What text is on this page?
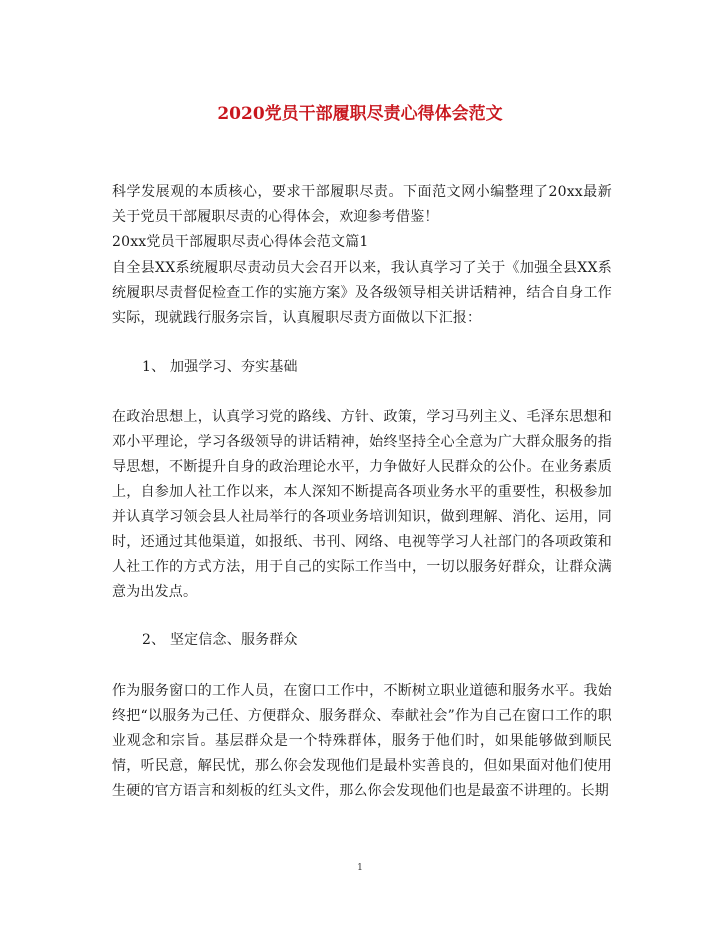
2020党员干部履职尽责心得体会范文

科学发展观的本质核心，要求干部履职尽责。下面范文网小编整理了20xx最新关于党员干部履职尽责的心得体会，欢迎参考借鉴！

20xx党员干部履职尽责心得体会范文篇1

自全县XX系统履职尽责动员大会召开以来，我认真学习了关于《加强全县XX系统履职尽责督促检查工作的实施方案》及各级领导相关讲话精神，结合自身工作实际，现就践行服务宗旨，认真履职尽责方面做以下汇报：

1、 加强学习、夯实基础

在政治思想上，认真学习党的路线、方针、政策，学习马列主义、毛泽东思想和邓小平理论，学习各级领导的讲话精神，始终坚持全心全意为广大群众服务的指导思想，不断提升自身的政治理论水平，力争做好人民群众的公仆。在业务素质上，自参加人社工作以来，本人深知不断提高各项业务水平的重要性，积极参加并认真学习领会县人社局举行的各项业务培训知识，做到理解、消化、运用，同时，还通过其他渠道，如报纸、书刊、网络、电视等学习人社部门的各项政策和人社工作的方式方法，用于自己的实际工作当中，一切以服务好群众，让群众满意为出发点。

2、 坚定信念、服务群众

作为服务窗口的工作人员，在窗口工作中，不断树立职业道德和服务水平。我始终把“以服务为己任、方便群众、服务群众、奉献社会”作为自己在窗口工作的职业观念和宗旨。基层群众是一个特殊群体，服务于他们时，如果能够做到顺民情，听民意，解民忧，那么你会发现他们是最朴实善良的，但如果面对他们使用生硬的官方语言和刻板的红头文件，那么你会发现他们也是最蛮不讲理的。长期

1
